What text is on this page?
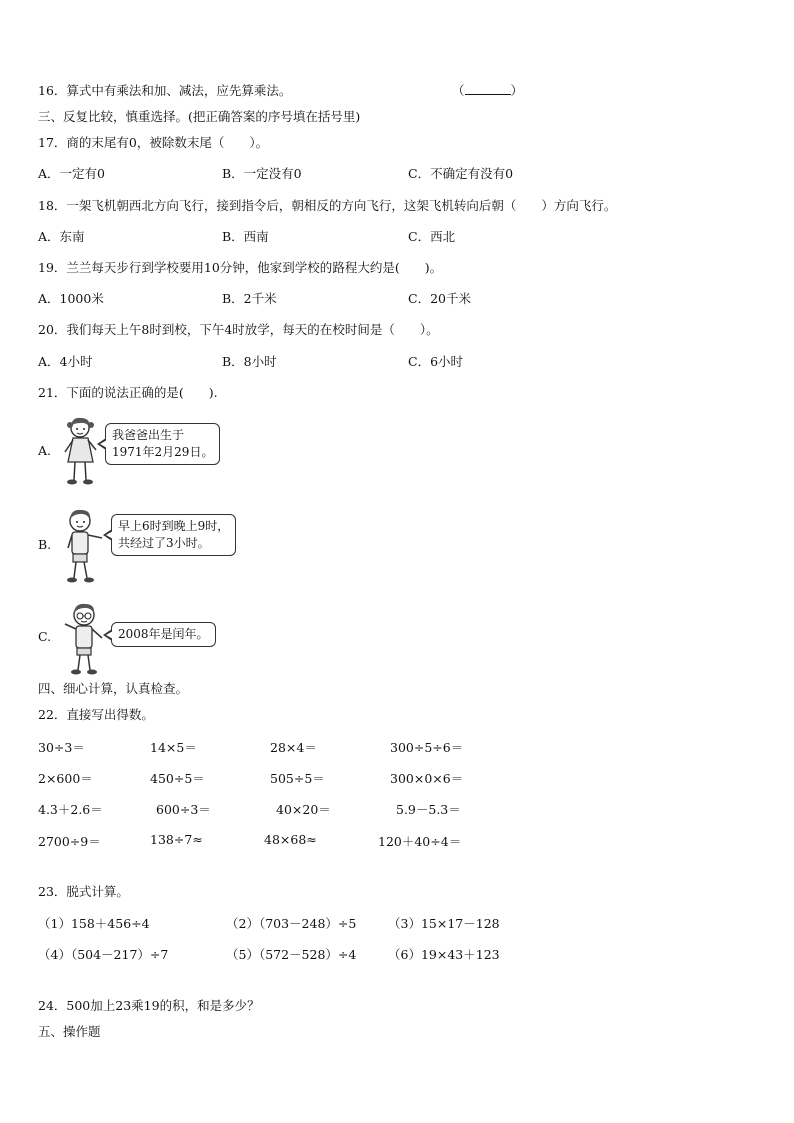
16．算式中有乘法和加、减法，应先算乘法。	（	）
三、反复比较，慎重选择。(把正确答案的序号填在括号里)
17．商的末尾有0，被除数末尾（　　）。
A．一定有0	B．一定没有0	C．不确定有没有0
18．一架飞机朝西北方向飞行，接到指令后，朝相反的方向飞行，这架飞机转向后朝（　　）方向飞行。
A．东南	B．西南	C．西北
19．兰兰每天步行到学校要用10分钟，他家到学校的路程大约是(　　)。
A．1000米	B．2千米	C．20千米
20．我们每天上午8时到校，下午4时放学，每天的在校时间是（　　）。
A．4小时	B．8小时	C．6小时
21．下面的说法正确的是(　　).
A.
我爸爸出生于
1971年2月29日。
B.
早上6时到晚上9时，
共经过了3小时。
C.	2008年是闰年。
四、细心计算，认真检查。
22．直接写出得数。
30÷3＝	14×5＝	28×4＝	300÷5÷6＝
2×600＝	450÷5＝	505÷5＝	300×0×6＝
4.3＋2.6＝	600÷3＝	40×20＝	5.9－5.3＝
2700÷9＝	138÷7≈	48×68≈	120＋40÷4＝
23．脱式计算。
（1）158＋456÷4	（2）（703－248）÷5	（3）15×17－128
（4）（504－217）÷7	（5）（572－528）÷4	（6）19×43＋123
24．500加上23乘19的积，和是多少？
五、操作题
